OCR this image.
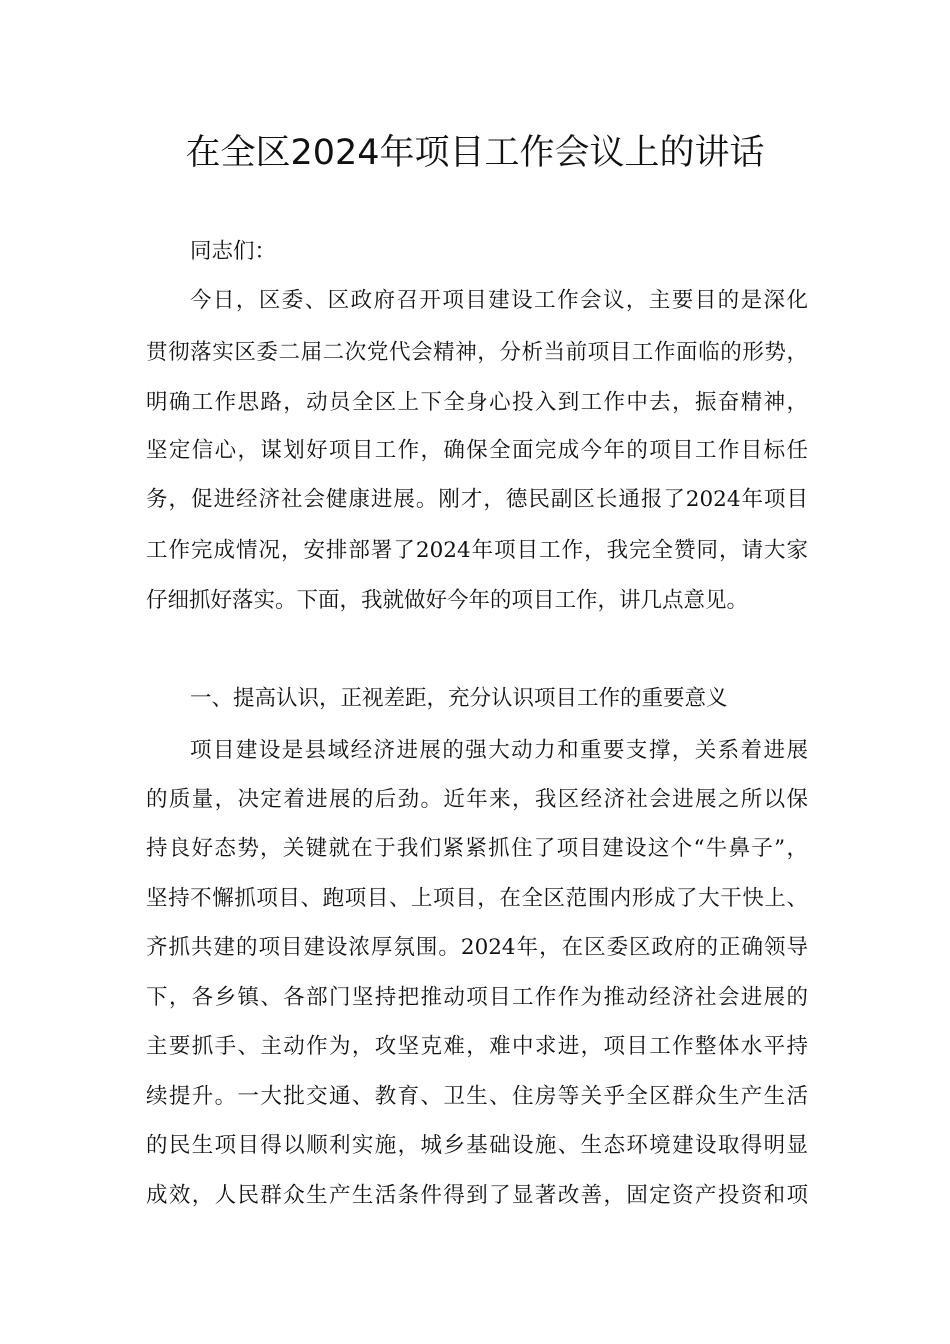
在全区2024年项目工作会议上的讲话
同志们：
今日，区委、区政府召开项目建设工作会议，主要目的是深化
贯彻落实区委二届二次党代会精神，分析当前项目工作面临的形势，
明确工作思路，动员全区上下全身心投入到工作中去，振奋精神，
坚定信心，谋划好项目工作，确保全面完成今年的项目工作目标任
务，促进经济社会健康进展。刚才，德民副区长通报了2024年项目
工作完成情况，安排部署了2024年项目工作，我完全赞同，请大家
仔细抓好落实。下面，我就做好今年的项目工作，讲几点意见。
一、提高认识，正视差距，充分认识项目工作的重要意义
项目建设是县域经济进展的强大动力和重要支撑，关系着进展
的质量，决定着进展的后劲。近年来，我区经济社会进展之所以保
持良好态势，关键就在于我们紧紧抓住了项目建设这个“牛鼻子”，
坚持不懈抓项目、跑项目、上项目，在全区范围内形成了大干快上、
齐抓共建的项目建设浓厚氛围。2024年，在区委区政府的正确领导
下，各乡镇、各部门坚持把推动项目工作作为推动经济社会进展的
主要抓手、主动作为，攻坚克难，难中求进，项目工作整体水平持
续提升。一大批交通、教育、卫生、住房等关乎全区群众生产生活
的民生项目得以顺利实施，城乡基础设施、生态环境建设取得明显
成效，人民群众生产生活条件得到了显著改善，固定资产投资和项
